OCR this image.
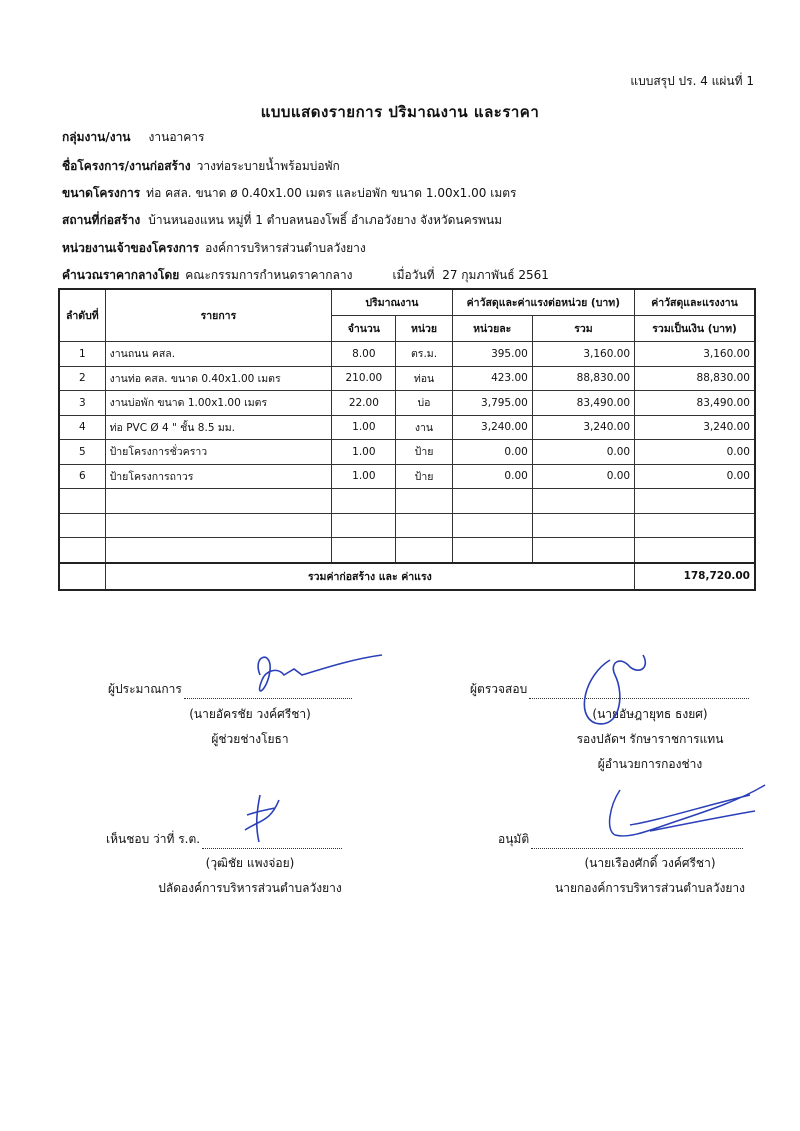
แบบสรุป ปร. 4 แผ่นที่ 1
แบบแสดงรายการ ปริมาณงาน และราคา
กลุ่มงาน/งาน งานอาคาร
ชื่อโครงการ/งานก่อสร้าง วางท่อระบายน้ำพร้อมบ่อพัก
ขนาดโครงการ ท่อ คสล. ขนาด ø 0.40x1.00 เมตร และบ่อพัก ขนาด 1.00x1.00 เมตร
สถานที่ก่อสร้าง บ้านหนองแหน หมู่ที่ 1 ตำบลหนองโพธิ์ อำเภอวังยาง จังหวัดนครพนม
หน่วยงานเจ้าของโครงการ องค์การบริหารส่วนตำบลวังยาง
คำนวณราคากลางโดย คณะกรรมการกำหนดราคากลาง	เมื่อวันที่ 27 กุมภาพันธ์ 2561
ลำดับที่	รายการ	ปริมาณงาน		ค่าวัสดุและค่าแรงต่อหน่วย (บาท)		ค่าวัสดุและแรงงาน
		จำนวน	หน่วย	หน่วยละ	รวม	รวมเป็นเงิน (บาท)
1	งานถนน คสล.	8.00	ตร.ม.	395.00	3,160.00	3,160.00
2	งานท่อ คสล. ขนาด 0.40x1.00 เมตร	210.00	ท่อน	423.00	88,830.00	88,830.00
3	งานบ่อพัก ขนาด 1.00x1.00 เมตร	22.00	บ่อ	3,795.00	83,490.00	83,490.00
4	ท่อ PVC Ø 4 " ชั้น 8.5 มม.	1.00	งาน	3,240.00	3,240.00	3,240.00
5	ป้ายโครงการชั่วคราว	1.00	ป้าย	0.00	0.00	0.00
6	ป้ายโครงการถาวร	1.00	ป้าย	0.00	0.00	0.00

	รวมค่าก่อสร้าง และ ค่าแรง					178,720.00
ผู้ประมาณการ
(นายอัครชัย วงค์ศรีชา)
ผู้ช่วยช่างโยธา
ผู้ตรวจสอบ
(นายอัษฎายุทธ ธงยศ)
รองปลัดฯ รักษาราชการแทน
ผู้อำนวยการกองช่าง
เห็นชอบ ว่าที่ ร.ต.
(วุฒิชัย แพงจ่อย)
ปลัดองค์การบริหารส่วนตำบลวังยาง
อนุมัติ
(นายเรืองศักดิ์ วงค์ศรีชา)
นายกองค์การบริหารส่วนตำบลวังยาง
